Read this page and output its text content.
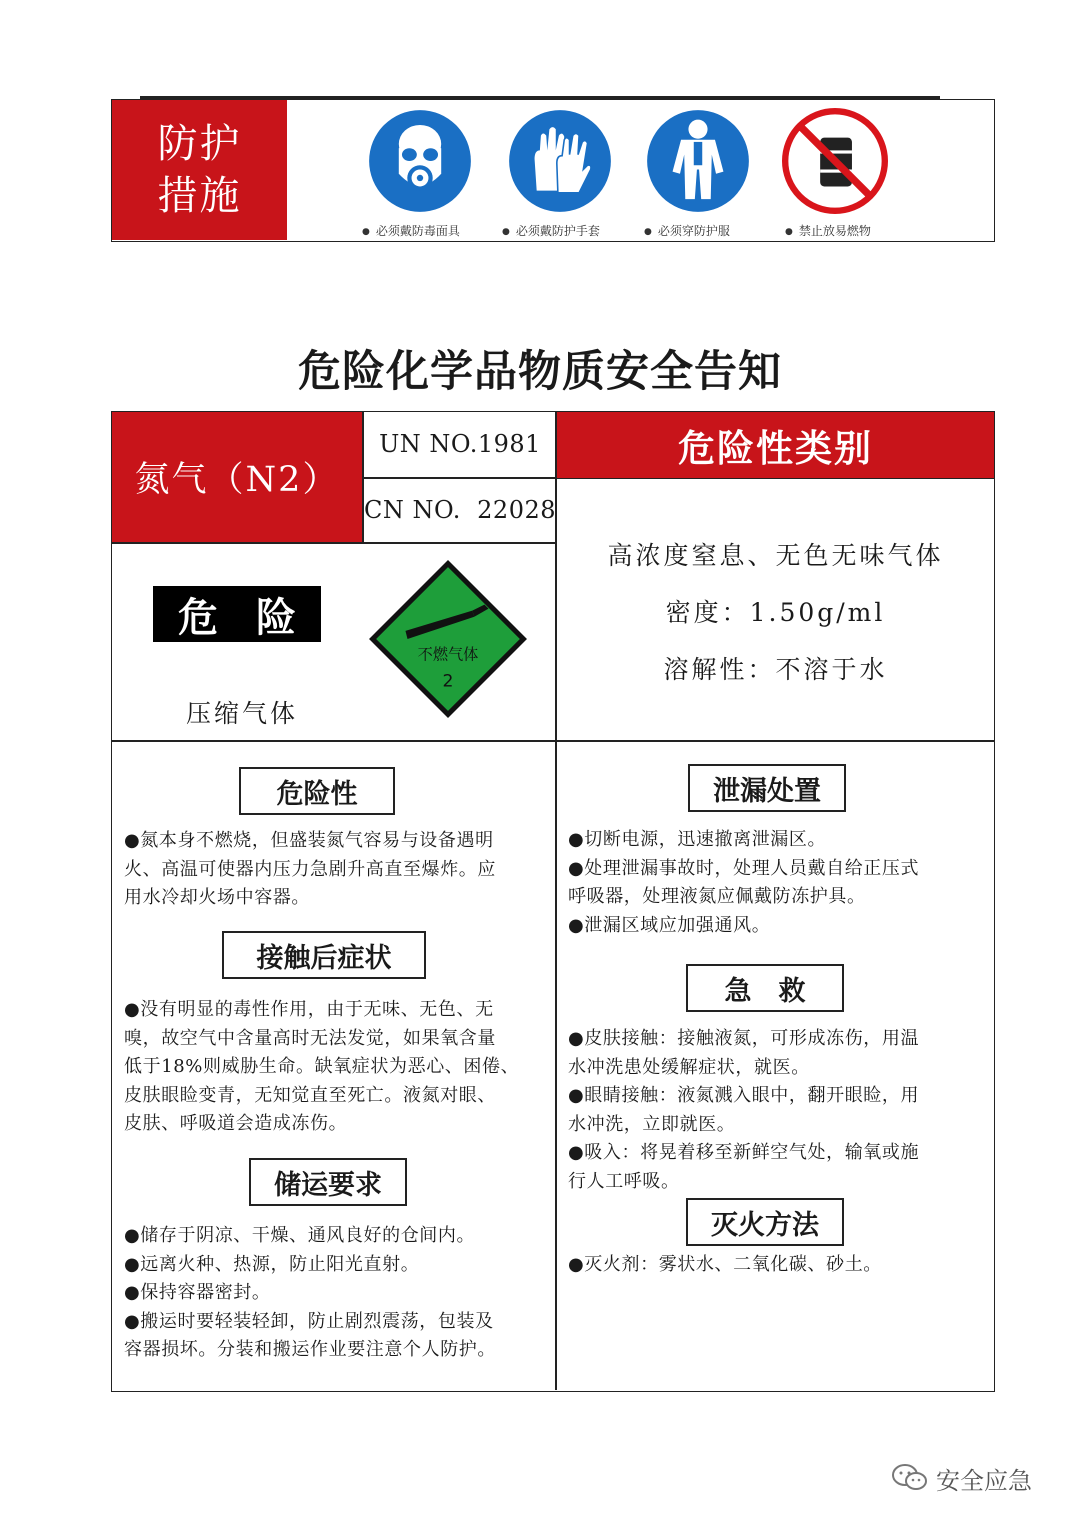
防护
措施
● 必须戴防毒面具	● 必须戴防护手套	● 必须穿防护服	● 禁止放易燃物
危险化学品物质安全告知
氮气（N2）
UN NO.1981
CN NO.  22028
危险性类别
危 险
压缩气体
不燃气体
2
高浓度窒息、无色无味气体
密度：1.50g/ml
溶解性：不溶于水
危险性

●氮本身不燃烧，但盛装氮气容易与设备遇明

火、高温可使器内压力急剧升高直至爆炸。应

用水冷却火场中容器。

接触后症状

●没有明显的毒性作用，由于无味、无色、无

嗅，故空气中含量高时无法发觉，如果氧含量

低于18%则威胁生命。缺氧症状为恶心、困倦、

皮肤眼睑变青，无知觉直至死亡。液氮对眼、

皮肤、呼吸道会造成冻伤。

储运要求

●储存于阴凉、干燥、通风良好的仓间内。

●远离火种、热源，防止阳光直射。

●保持容器密封。

●搬运时要轻装轻卸，防止剧烈震荡，包装及

容器损坏。分装和搬运作业要注意个人防护。

泄漏处置

●切断电源，迅速撤离泄漏区。

●处理泄漏事故时，处理人员戴自给正压式

呼吸器，处理液氮应佩戴防冻护具。

●泄漏区域应加强通风。

急　救

●皮肤接触：接触液氮，可形成冻伤，用温

水冲洗患处缓解症状，就医。

●眼睛接触：液氮溅入眼中，翻开眼睑，用

水冲洗，立即就医。

●吸入：将晃着移至新鲜空气处，输氧或施

行人工呼吸。

灭火方法

●灭火剂：雾状水、二氧化碳、砂土。

安全应急
